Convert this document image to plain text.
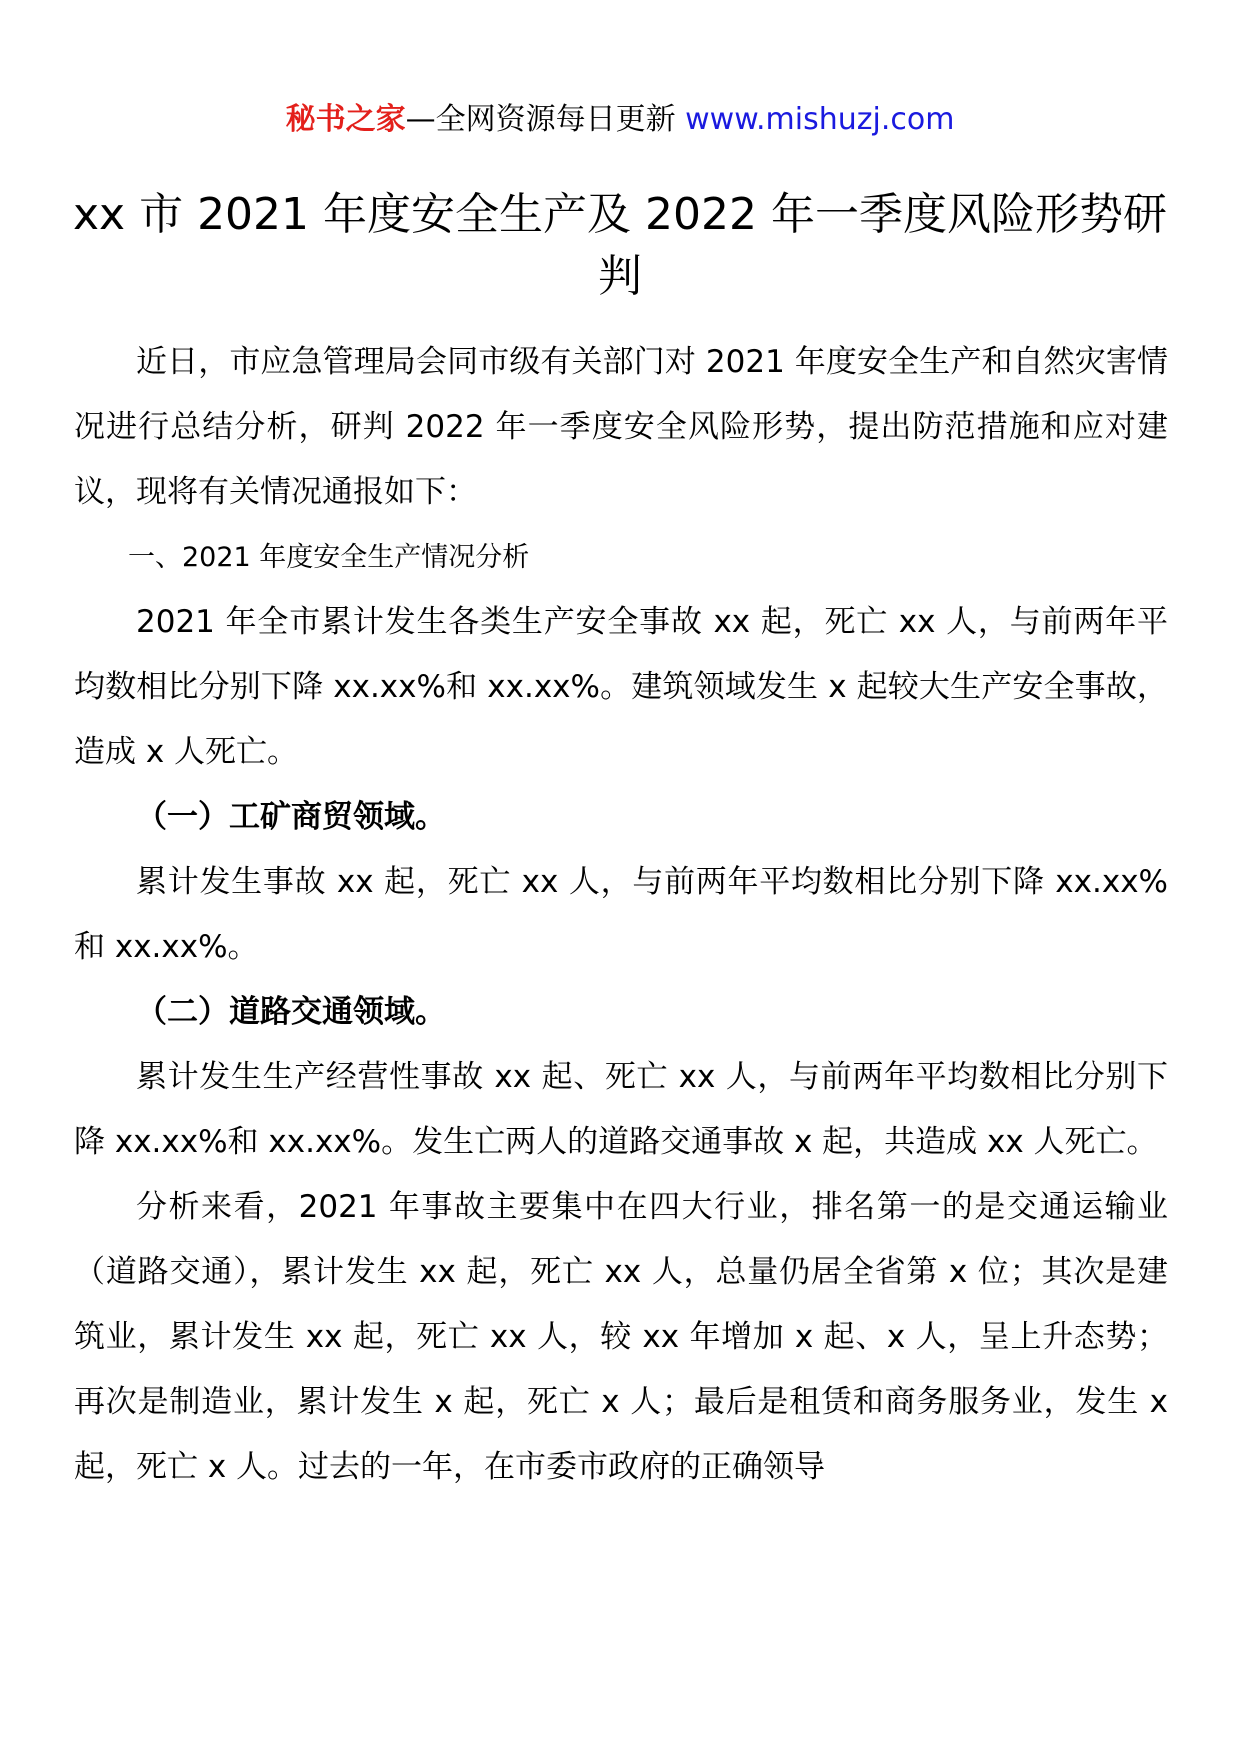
秘书之家—全网资源每日更新 www.mishuzj.com
xx 市 2021 年度安全生产及 2022 年一季度风险形势研判

近日，市应急管理局会同市级有关部门对 2021 年度安全生产和自然灾害情况进行总结分析，研判 2022 年一季度安全风险形势，提出防范措施和应对建议，现将有关情况通报如下：

一、2021 年度安全生产情况分析

2021 年全市累计发生各类生产安全事故 xx 起，死亡 xx 人，与前两年平均数相比分别下降 xx.xx%和 xx.xx%。建筑领域发生 x 起较大生产安全事故，造成 x 人死亡。

（一）工矿商贸领域。

累计发生事故 xx 起，死亡 xx 人，与前两年平均数相比分别下降 xx.xx%和 xx.xx%。

（二）道路交通领域。

累计发生生产经营性事故 xx 起、死亡 xx 人，与前两年平均数相比分别下降 xx.xx%和 xx.xx%。发生亡两人的道路交通事故 x 起，共造成 xx 人死亡。

分析来看，2021 年事故主要集中在四大行业，排名第一的是交通运输业（道路交通），累计发生 xx 起，死亡 xx 人，总量仍居全省第 x 位；其次是建筑业，累计发生 xx 起，死亡 xx 人，较 xx 年增加 x 起、x 人，呈上升态势；再次是制造业，累计发生 x 起，死亡 x 人；最后是租赁和商务服务业，发生 x 起，死亡 x 人。过去的一年，在市委市政府的正确领导
